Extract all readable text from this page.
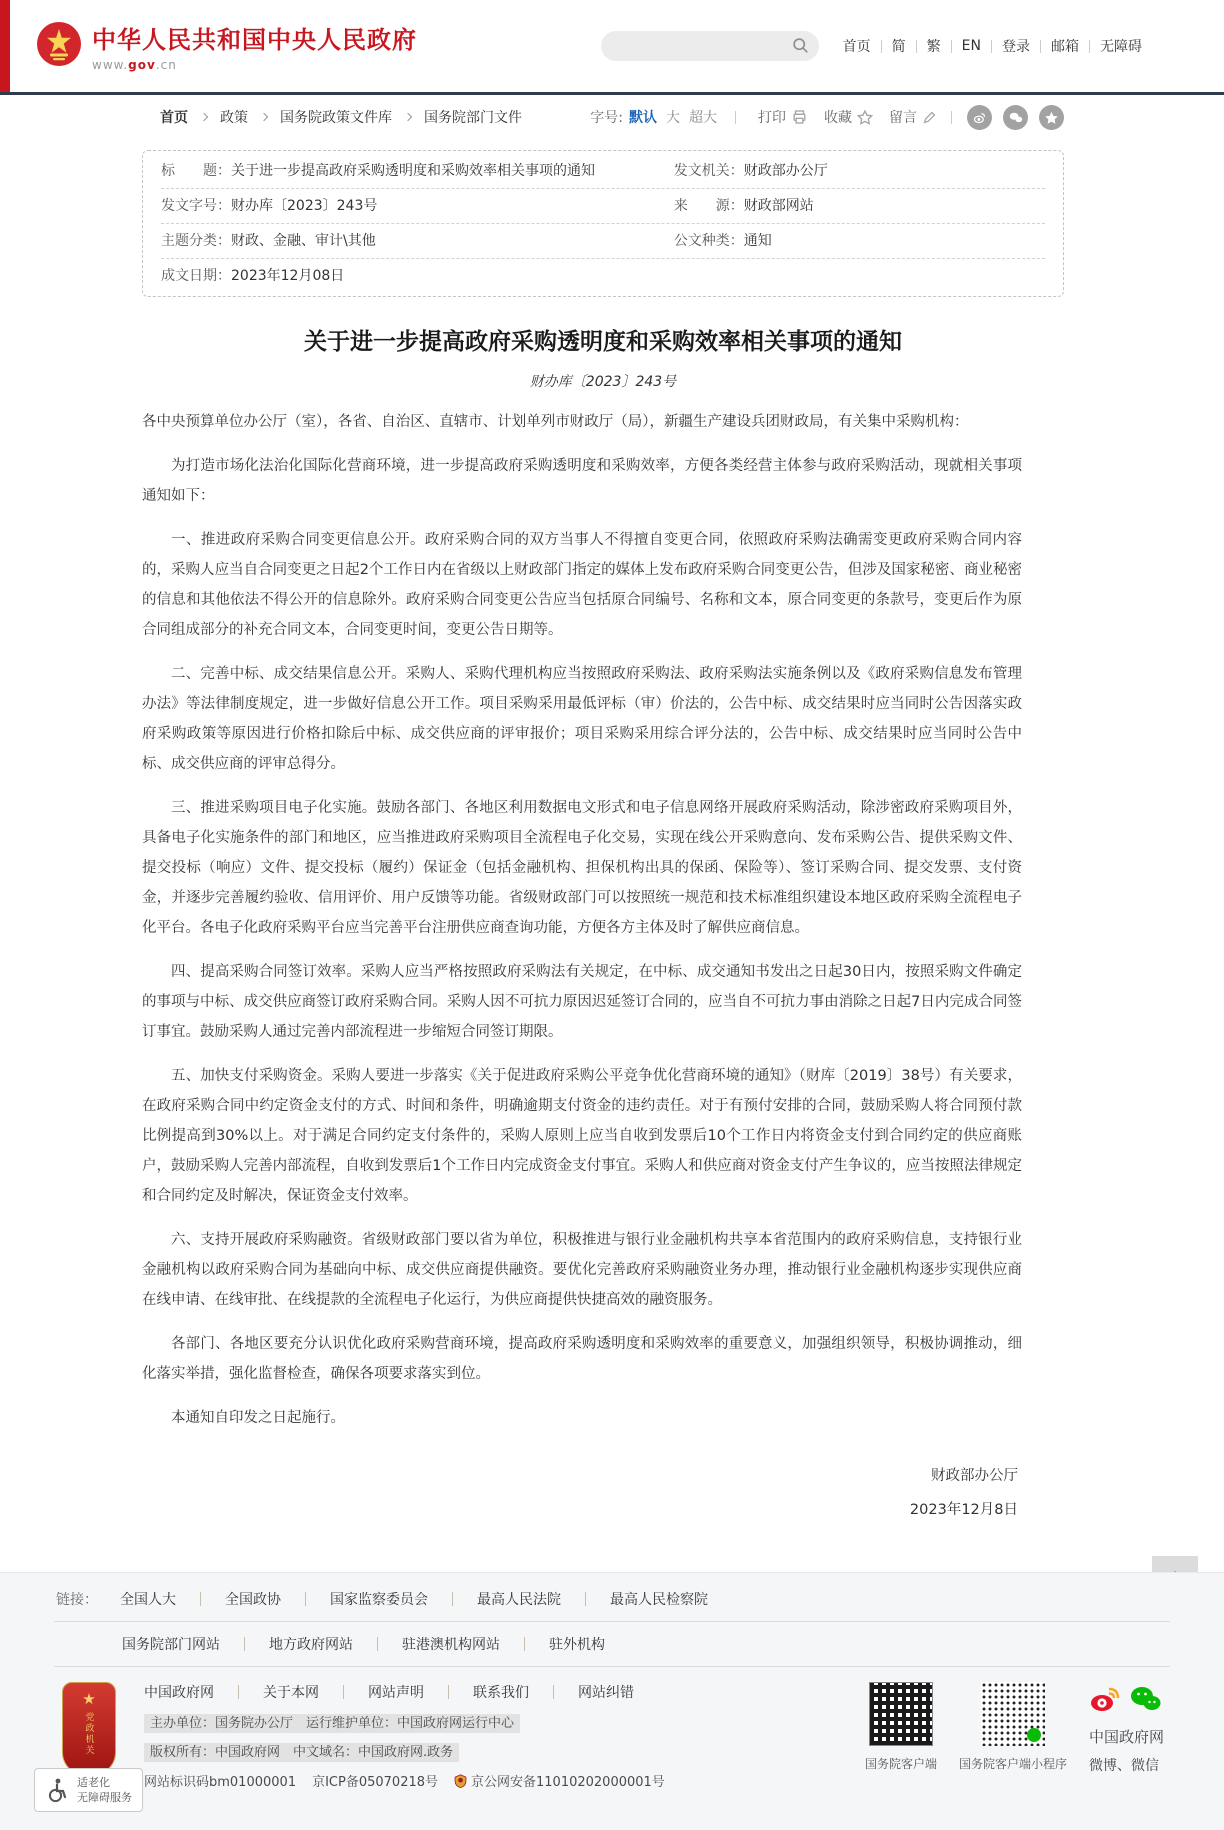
中华人民共和国中央人民政府
www.gov.cn
首页 简 繁 EN 登录 邮箱 无障碍
首页 政策 国务院政策文件库 国务院部门文件	字号: 默认 大 超大	打印	收藏	留言
标　　题： 关于进一步提高政府采购透明度和采购效率相关事项的通知	发文机关： 财政部办公厅
发文字号： 财办库〔2023〕243号	来　　源： 财政部网站
主题分类： 财政、金融、审计\其他	公文种类： 通知
成文日期： 2023年12月08日
关于进一步提高政府采购透明度和采购效率相关事项的通知
财办库〔2023〕243号

各中央预算单位办公厅（室），各省、自治区、直辖市、计划单列市财政厅（局），新疆生产建设兵团财政局，有关集中采购机构：

为打造市场化法治化国际化营商环境，进一步提高政府采购透明度和采购效率，方便各类经营主体参与政府采购活动，现就相关事项通知如下：

一、推进政府采购合同变更信息公开。政府采购合同的双方当事人不得擅自变更合同，依照政府采购法确需变更政府采购合同内容的，采购人应当自合同变更之日起2个工作日内在省级以上财政部门指定的媒体上发布政府采购合同变更公告，但涉及国家秘密、商业秘密的信息和其他依法不得公开的信息除外。政府采购合同变更公告应当包括原合同编号、名称和文本，原合同变更的条款号，变更后作为原合同组成部分的补充合同文本，合同变更时间，变更公告日期等。

二、完善中标、成交结果信息公开。采购人、采购代理机构应当按照政府采购法、政府采购法实施条例以及《政府采购信息发布管理办法》等法律制度规定，进一步做好信息公开工作。项目采购采用最低评标（审）价法的，公告中标、成交结果时应当同时公告因落实政府采购政策等原因进行价格扣除后中标、成交供应商的评审报价；项目采购采用综合评分法的，公告中标、成交结果时应当同时公告中标、成交供应商的评审总得分。

三、推进采购项目电子化实施。鼓励各部门、各地区利用数据电文形式和电子信息网络开展政府采购活动，除涉密政府采购项目外，具备电子化实施条件的部门和地区，应当推进政府采购项目全流程电子化交易，实现在线公开采购意向、发布采购公告、提供采购文件、提交投标（响应）文件、提交投标（履约）保证金（包括金融机构、担保机构出具的保函、保险等）、签订采购合同、提交发票、支付资金，并逐步完善履约验收、信用评价、用户反馈等功能。省级财政部门可以按照统一规范和技术标准组织建设本地区政府采购全流程电子化平台。各电子化政府采购平台应当完善平台注册供应商查询功能，方便各方主体及时了解供应商信息。

四、提高采购合同签订效率。采购人应当严格按照政府采购法有关规定，在中标、成交通知书发出之日起30日内，按照采购文件确定的事项与中标、成交供应商签订政府采购合同。采购人因不可抗力原因迟延签订合同的，应当自不可抗力事由消除之日起7日内完成合同签订事宜。鼓励采购人通过完善内部流程进一步缩短合同签订期限。

五、加快支付采购资金。采购人要进一步落实《关于促进政府采购公平竞争优化营商环境的通知》（财库〔2019〕38号）有关要求，在政府采购合同中约定资金支付的方式、时间和条件，明确逾期支付资金的违约责任。对于有预付安排的合同，鼓励采购人将合同预付款比例提高到30%以上。对于满足合同约定支付条件的，采购人原则上应当自收到发票后10个工作日内将资金支付到合同约定的供应商账户，鼓励采购人完善内部流程，自收到发票后1个工作日内完成资金支付事宜。采购人和供应商对资金支付产生争议的，应当按照法律规定和合同约定及时解决，保证资金支付效率。

六、支持开展政府采购融资。省级财政部门要以省为单位，积极推进与银行业金融机构共享本省范围内的政府采购信息，支持银行业金融机构以政府采购合同为基础向中标、成交供应商提供融资。要优化完善政府采购融资业务办理，推动银行业金融机构逐步实现供应商在线申请、在线审批、在线提款的全流程电子化运行，为供应商提供快捷高效的融资服务。

各部门、各地区要充分认识优化政府采购营商环境，提高政府采购透明度和采购效率的重要意义，加强组织领导，积极协调推动，细化落实举措，强化监督检查，确保各项要求落实到位。

本通知自印发之日起施行。

财政部办公厅
2023年12月8日
链接： 全国人大	全国政协	国家监察委员会	最高人民法院	最高人民检察院
国务院部门网站	地方政府网站	驻港澳机构网站	驻外机构
★
党政机关
中国政府网	关于本网	网站声明	联系我们	网站纠错
主办单位：国务院办公厅　运行维护单位：中国政府网运行中心
版权所有：中国政府网　中文域名：中国政府网.政务
网站标识码bm01000001 京ICP备05070218号	京公网安备11010202000001号
国务院客户端 国务院客户端小程序
中国政府网
微博、微信
适老化
无障碍服务
